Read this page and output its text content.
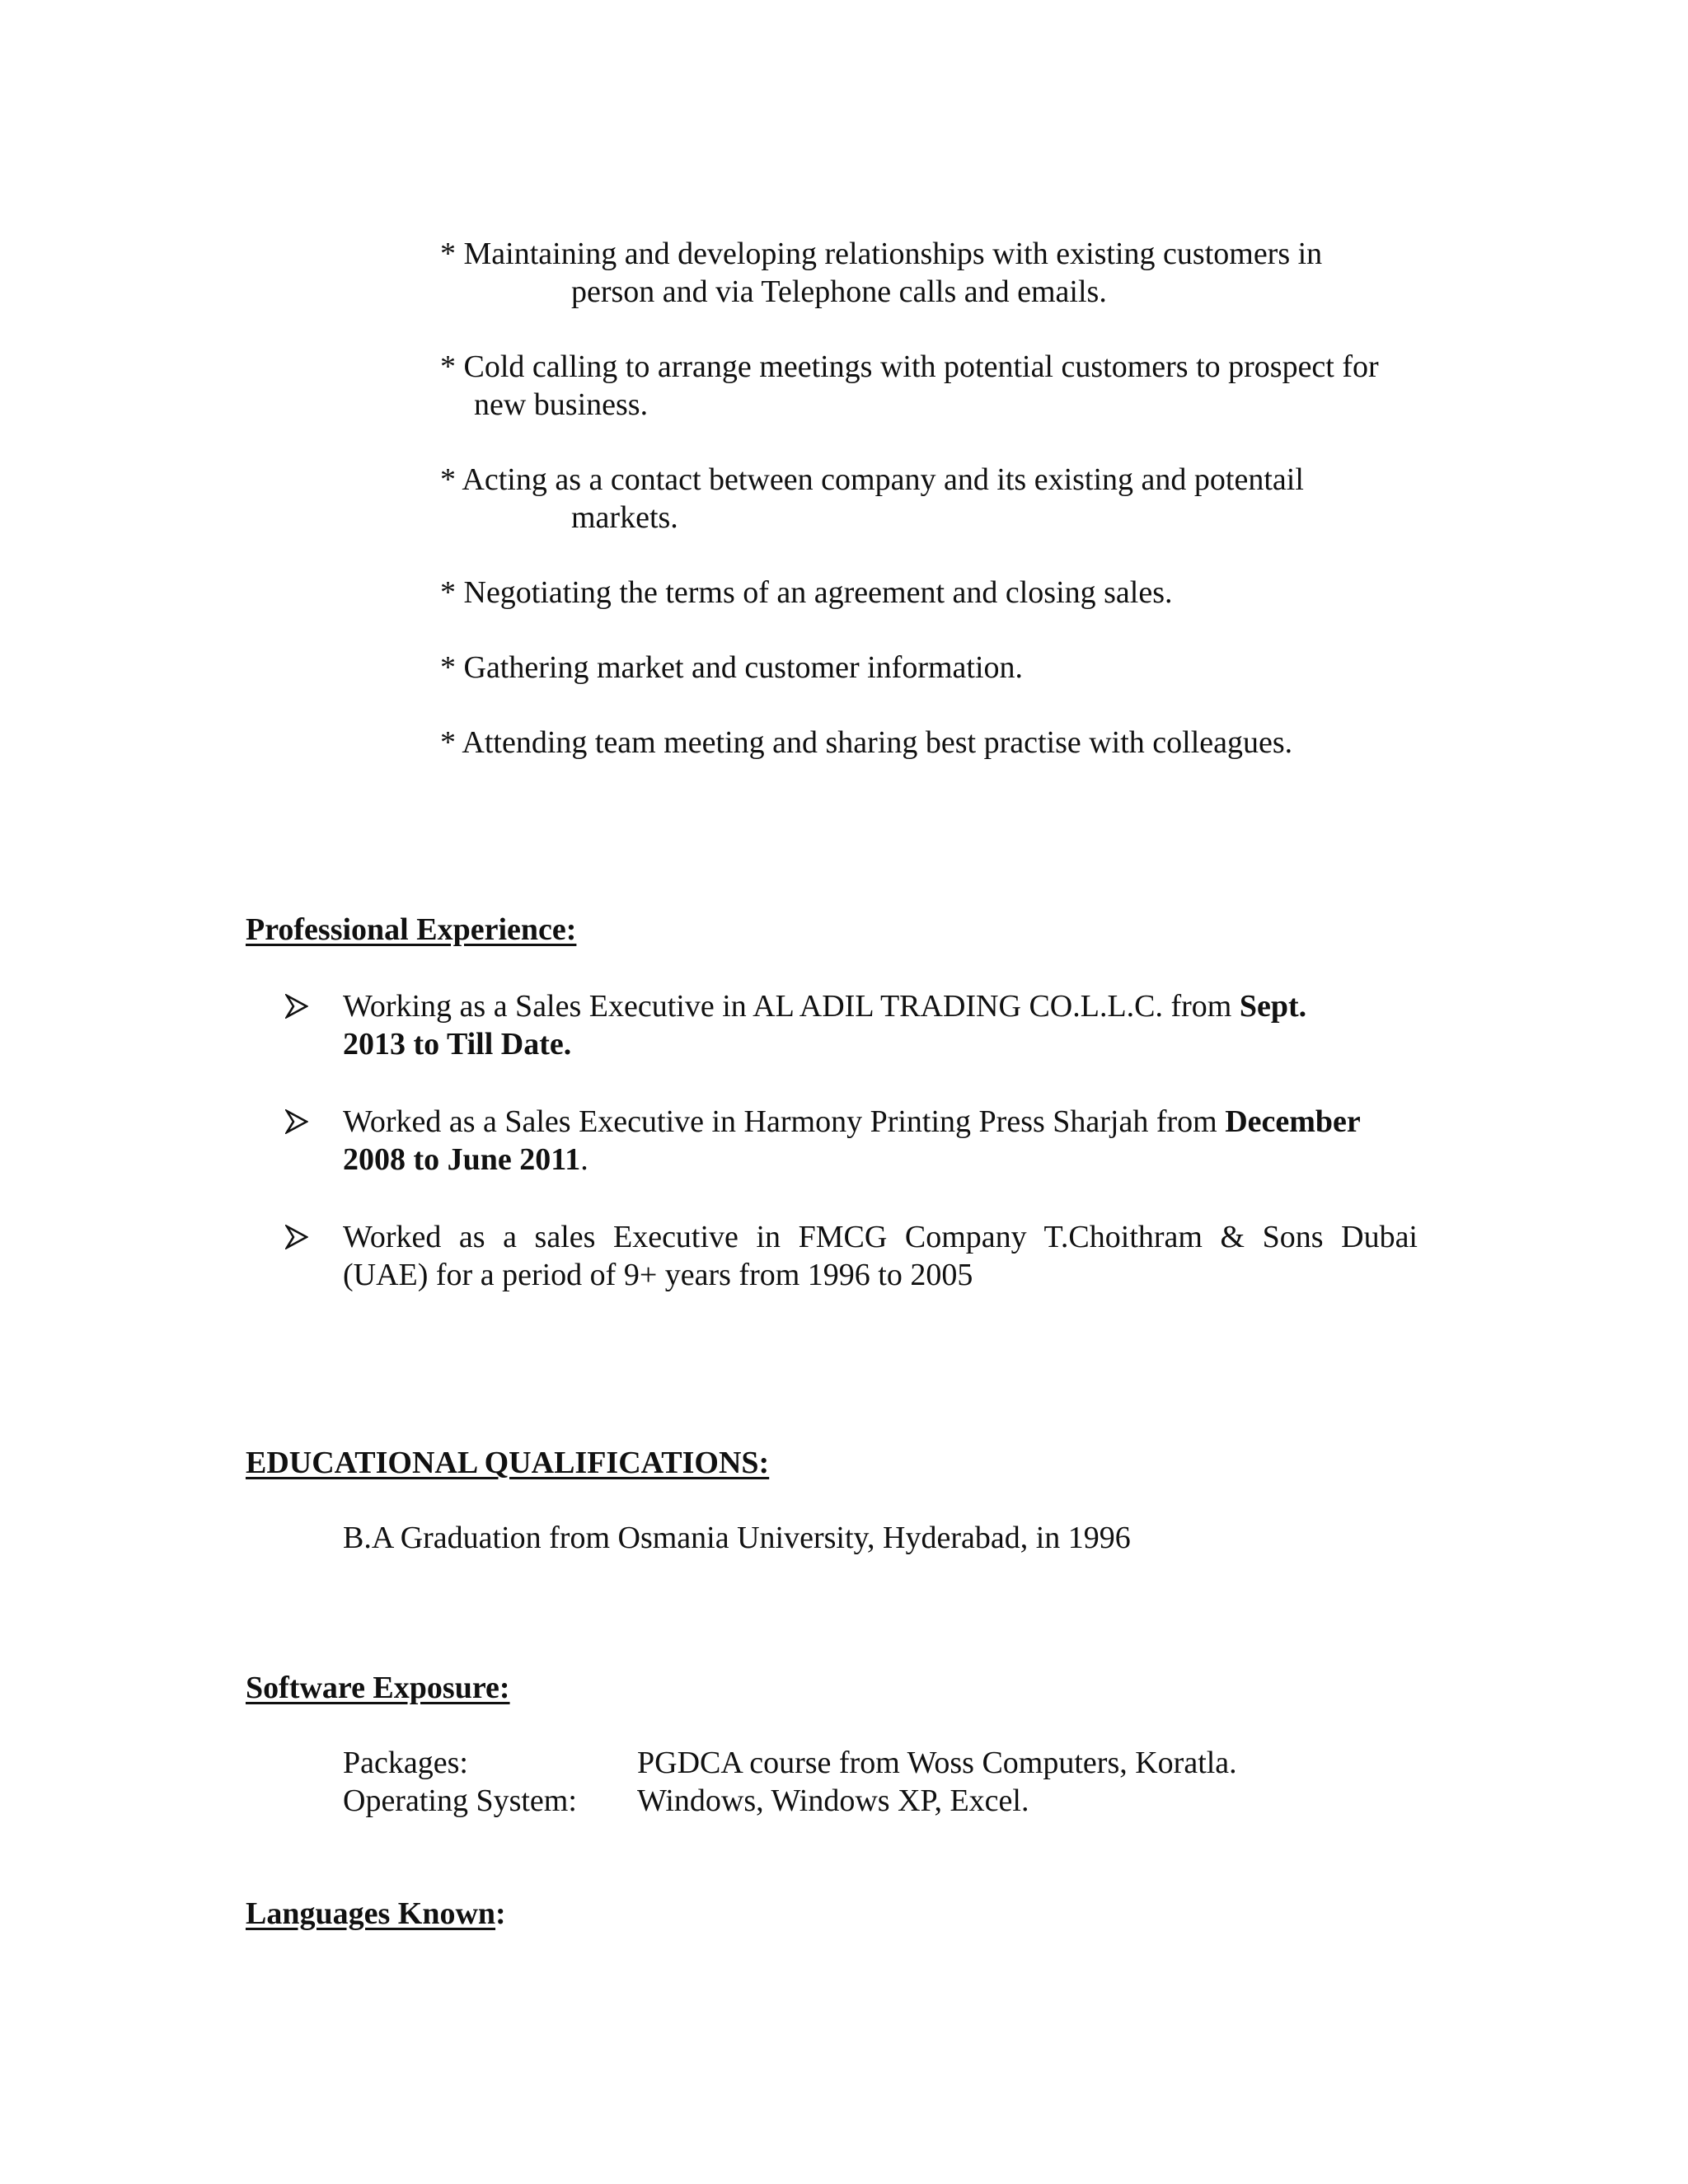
* Maintaining and developing relationships with existing customers in
person and via Telephone calls and emails.
* Cold calling to arrange meetings with potential customers to prospect for
new business.
* Acting as a contact between company and its existing and potentail
markets.
* Negotiating the terms of an agreement and closing sales.
* Gathering market and customer information.
* Attending team meeting and sharing best practise with colleagues.
Professional Experience:
Working as a Sales Executive in AL ADIL TRADING CO.L.L.C. from Sept.
2013 to Till Date.
Worked as a Sales Executive in Harmony Printing Press Sharjah from December
2008 to June 2011.
Worked as a sales Executive in FMCG Company T.Choithram & Sons Dubai
(UAE) for a period of 9+ years from 1996 to 2005
EDUCATIONAL QUALIFICATIONS:
B.A Graduation from Osmania University, Hyderabad, in 1996
Software Exposure:
Packages:	PGDCA course from Woss Computers, Koratla.
Operating System: Windows, Windows XP, Excel.
Languages Known:
